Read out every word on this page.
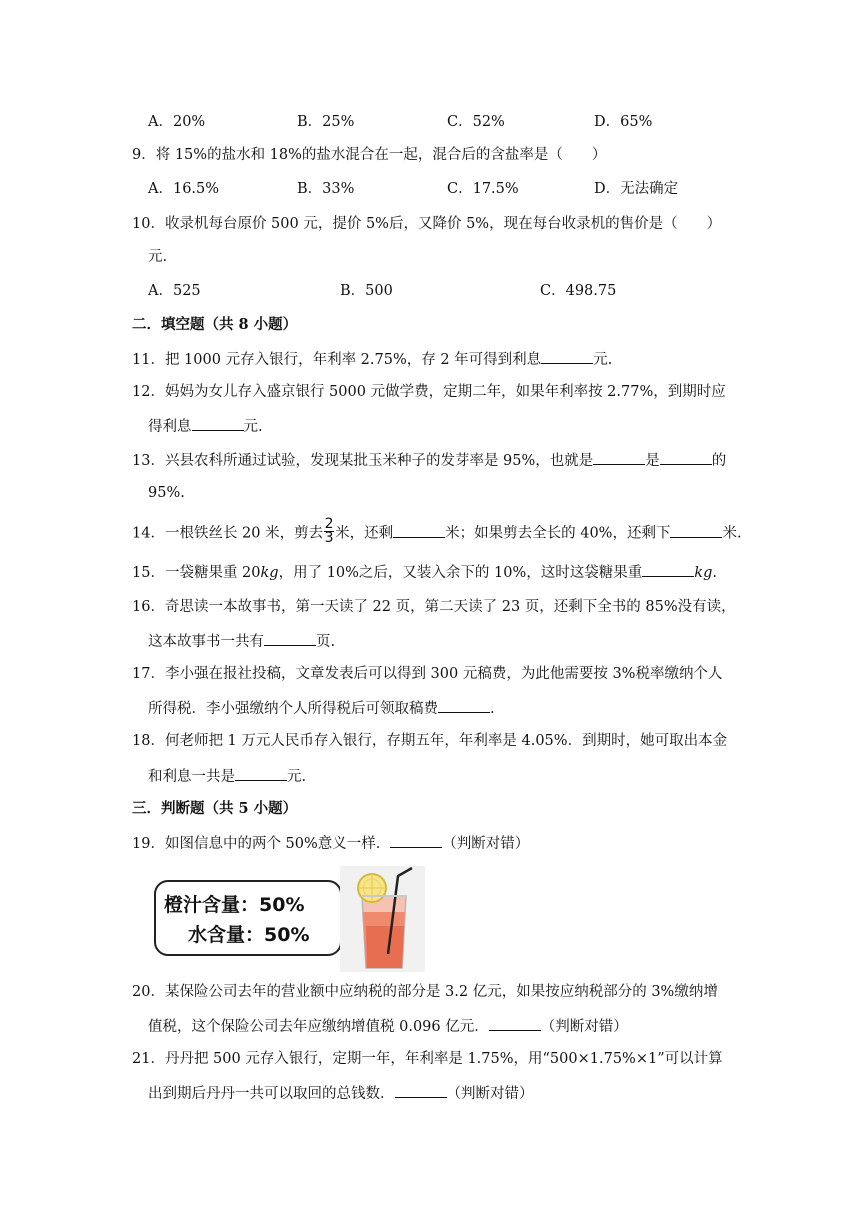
A．20%	B．25%	C．52%	D．65%
9．将 15%的盐水和 18%的盐水混合在一起，混合后的含盐率是（　　）
A．16.5%	B．33%	C．17.5%	D．无法确定
10．收录机每台原价 500 元，提价 5%后，又降价 5%，现在每台收录机的售价是（　　）
元.
A．525	B．500	C．498.75
二．填空题（共 8 小题）
11．把 1000 元存入银行，年利率 2.75%，存 2 年可得到利息	元.
12．妈妈为女儿存入盛京银行 5000 元做学费，定期二年，如果年利率按 2.77%，到期时应
得利息	元.
13．兴县农科所通过试验，发现某批玉米种子的发芽率是 95%，也就是	是	的
95%.
14．一根铁丝长 20 米，剪去 $\frac{2}{3}$ 米，还剩	米；如果剪去全长的 40%，还剩下	米.
15．一袋糖果重 20kg，用了 10%之后，又装入余下的 10%，这时这袋糖果重	kg.
16．奇思读一本故事书，第一天读了 22 页，第二天读了 23 页，还剩下全书的 85%没有读，
这本故事书一共有	页.
17．李小强在报社投稿，文章发表后可以得到 300 元稿费，为此他需要按 3%税率缴纳个人
所得税．李小强缴纳个人所得税后可领取稿费	.
18．何老师把 1 万元人民币存入银行，存期五年，年利率是 4.05%．到期时，她可取出本金
和利息一共是	元.
三．判断题（共 5 小题）
19．如图信息中的两个 50%意义一样．	（判断对错）
橙汁含量：50%
水含量：50%
20．某保险公司去年的营业额中应纳税的部分是 3.2 亿元，如果按应纳税部分的 3%缴纳增
值税，这个保险公司去年应缴纳增值税 0.096 亿元．	（判断对错）
21．丹丹把 500 元存入银行，定期一年，年利率是 1.75%，用“500×1.75%×1”可以计算
出到期后丹丹一共可以取回的总钱数．	（判断对错）
